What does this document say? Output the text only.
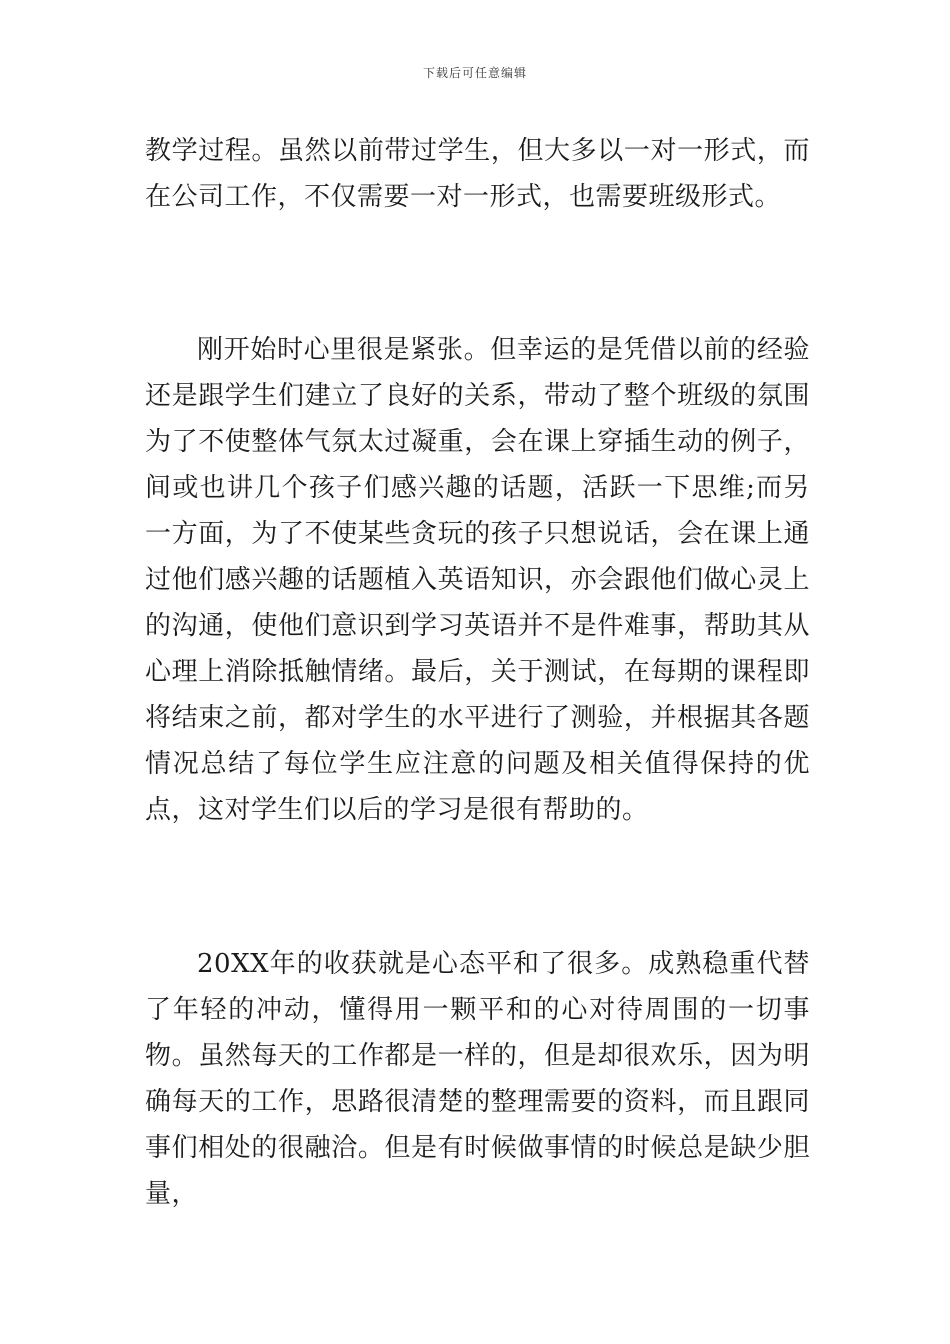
下载后可任意编辑

教学过程。虽然以前带过学生，但大多以一对一形式，而在公司工作，不仅需要一对一形式，也需要班级形式。

刚开始时心里很是紧张。但幸运的是凭借以前的经验还是跟学生们建立了良好的关系，带动了整个班级的氛围为了不使整体气氛太过凝重，会在课上穿插生动的例子，间或也讲几个孩子们感兴趣的话题，活跃一下思维;而另一方面，为了不使某些贪玩的孩子只想说话，会在课上通过他们感兴趣的话题植入英语知识，亦会跟他们做心灵上的沟通，使他们意识到学习英语并不是件难事，帮助其从心理上消除抵触情绪。最后，关于测试，在每期的课程即将结束之前，都对学生的水平进行了测验，并根据其各题情况总结了每位学生应注意的问题及相关值得保持的优点，这对学生们以后的学习是很有帮助的。

20XX年的收获就是心态平和了很多。成熟稳重代替了年轻的冲动，懂得用一颗平和的心对待周围的一切事物。虽然每天的工作都是一样的，但是却很欢乐，因为明确每天的工作，思路很清楚的整理需要的资料，而且跟同事们相处的很融洽。但是有时候做事情的时候总是缺少胆量，
